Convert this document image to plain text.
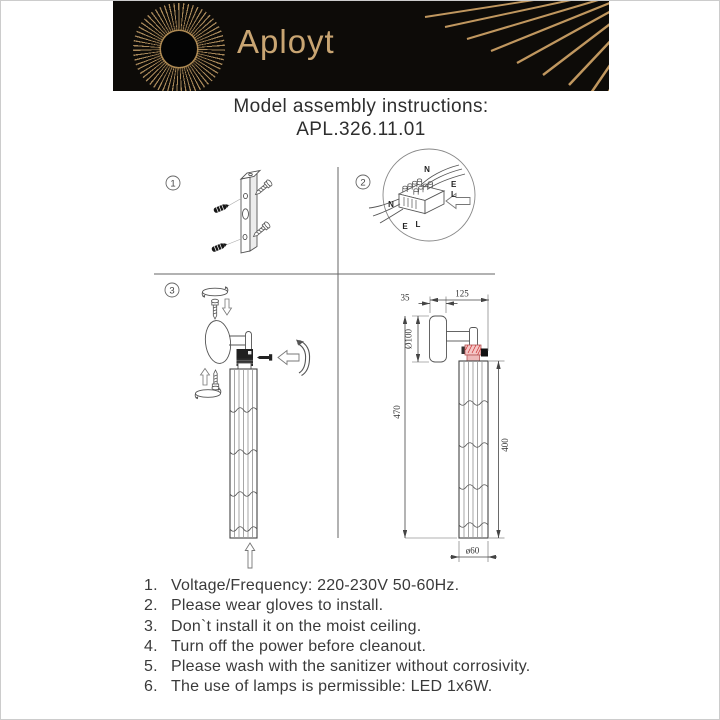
Aployt
Model assembly instructions:
APL.326.11.01
1	2
N
E
L
N
E L
3
35	125
Ø100
470
400
ø60
1. Voltage/Frequency: 220-230V 50-60Hz.
2. Please wear gloves to install.
3. Don`t install it on the moist ceiling.
4. Turn off the power before cleanout.
5. Please wash with the sanitizer without corrosivity.
6. The use of lamps is permissible: LED 1x6W.
